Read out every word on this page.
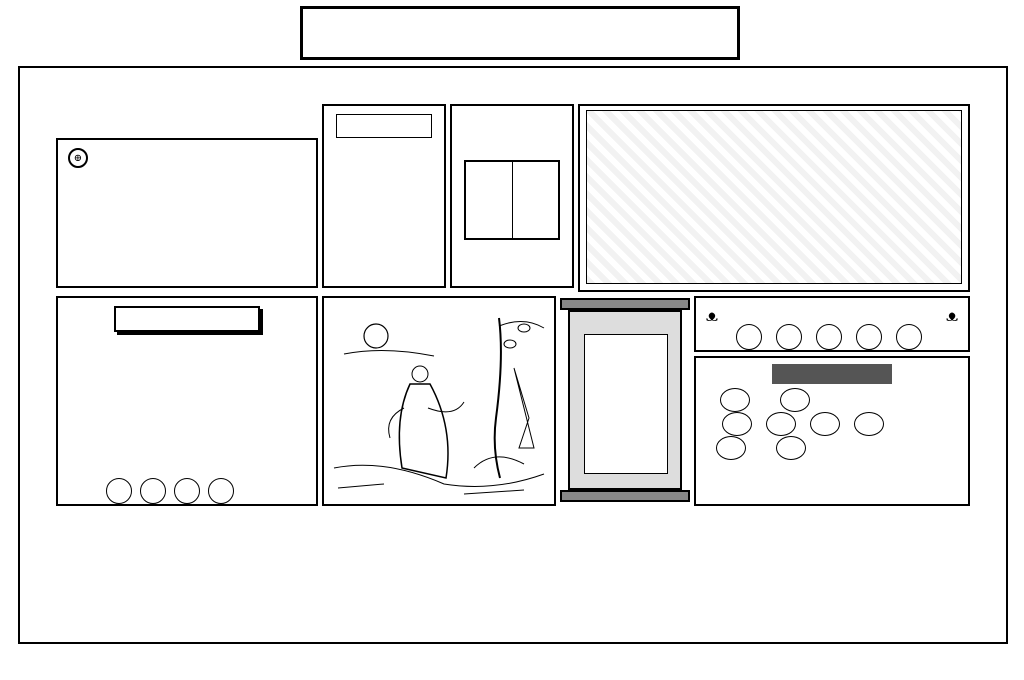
⊕
ᴥ	ᴥ
